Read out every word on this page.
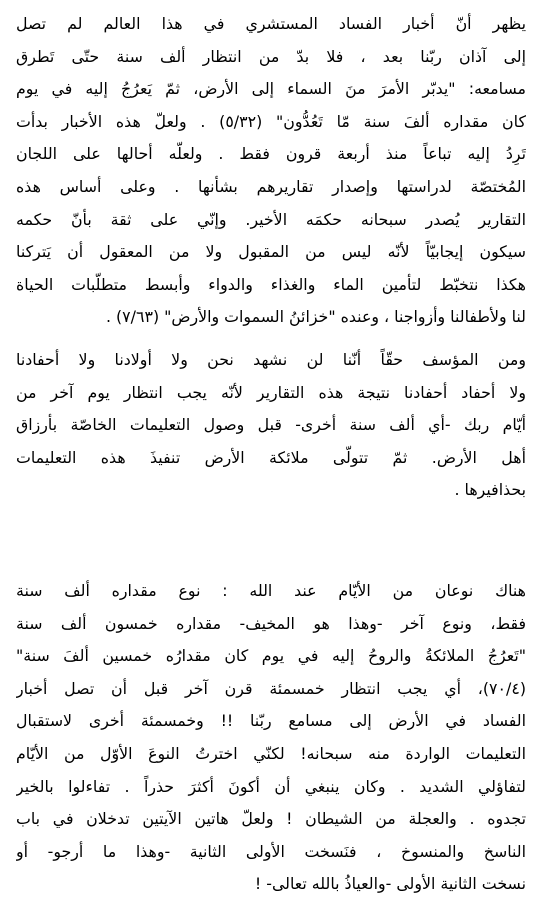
يظهر أنّ أخبار الفساد المستشري في هذا العالم لم تصل
إلى آذان ربّنا بعد ، فلا بدّ من انتظار ألف سنة حتّى تَطرق
مسامعه: "يدبّر الأمرَ منَ السماء إلى الأرض، ثمّ يَعرُجُ إليه في يوم
كان مقداره ألفَ سنة مّا تَعُدُّون" (٥/٣٢) . ولعلّ هذه الأخبار بدأت
تَرِدُ إليه تباعاً منذ أربعة قرون فقط . ولعلّه أحالها على اللجان
المُختصّة لدراستها وإصدار تقاريرهم بشأنها . وعلى أساس هذه
التقارير يُصدر سبحانه حكمَه الأخير. وإنّي على ثقة بأنّ حكمه
سيكون إيجابيّاً لأنّه ليس من المقبول ولا من المعقول أن يَتركنا
هكذا نتخبّط لتأمين الماء والغذاء والدواء وأبسط متطلّبات الحياة
لنا ولأطفالنا وأزواجنا ، وعنده "خزائنُ السموات والأرض" (٧/٦٣) .
ومن المؤسف حقّاً أنّنا لن نشهد نحن ولا أولادنا ولا أحفادنا
ولا أحفاد أحفادنا نتيجة هذه التقارير لأنّه يجب انتظار يوم آخر من
أيّام ربك -أي ألف سنة أخرى- قبل وصول التعليمات الخاصّة بأرزاق
أهل الأرض. ثمّ تتولّى ملائكة الأرض تنفيذَ هذه التعليمات
بحذافيرها .
هناك نوعان من الأيّام عند الله : نوع مقداره ألف سنة
فقط، ونوع آخر -وهذا هو المخيف- مقداره خمسون ألف سنة
"تَعرُجُ الملائكةُ والروحُ إليه في يوم كان مقدارُه خمسين ألفَ سنة"
(٧٠/٤)، أي يجب انتظار خمسمئة قرن آخر قبل أن تصل أخبار
الفساد في الأرض إلى مسامع ربّنا !! وخمسمئة أخرى لاستقبال
التعليمات الواردة منه سبحانه! لكنّي اخترتُ النوعَ الأوّل من الأيّام
لتفاؤلي الشديد . وكان ينبغي أن أكونَ أكثرَ حذراً . تفاءلوا بالخير
تجدوه . والعجلة من الشيطان ! ولعلّ هاتين الآيتين تدخلان في باب
الناسخ والمنسوخ ، فنَسخت الأولى الثانية -وهذا ما أرجو- أو
نسخت الثانية الأولى -والعياذُ بالله تعالى- !
